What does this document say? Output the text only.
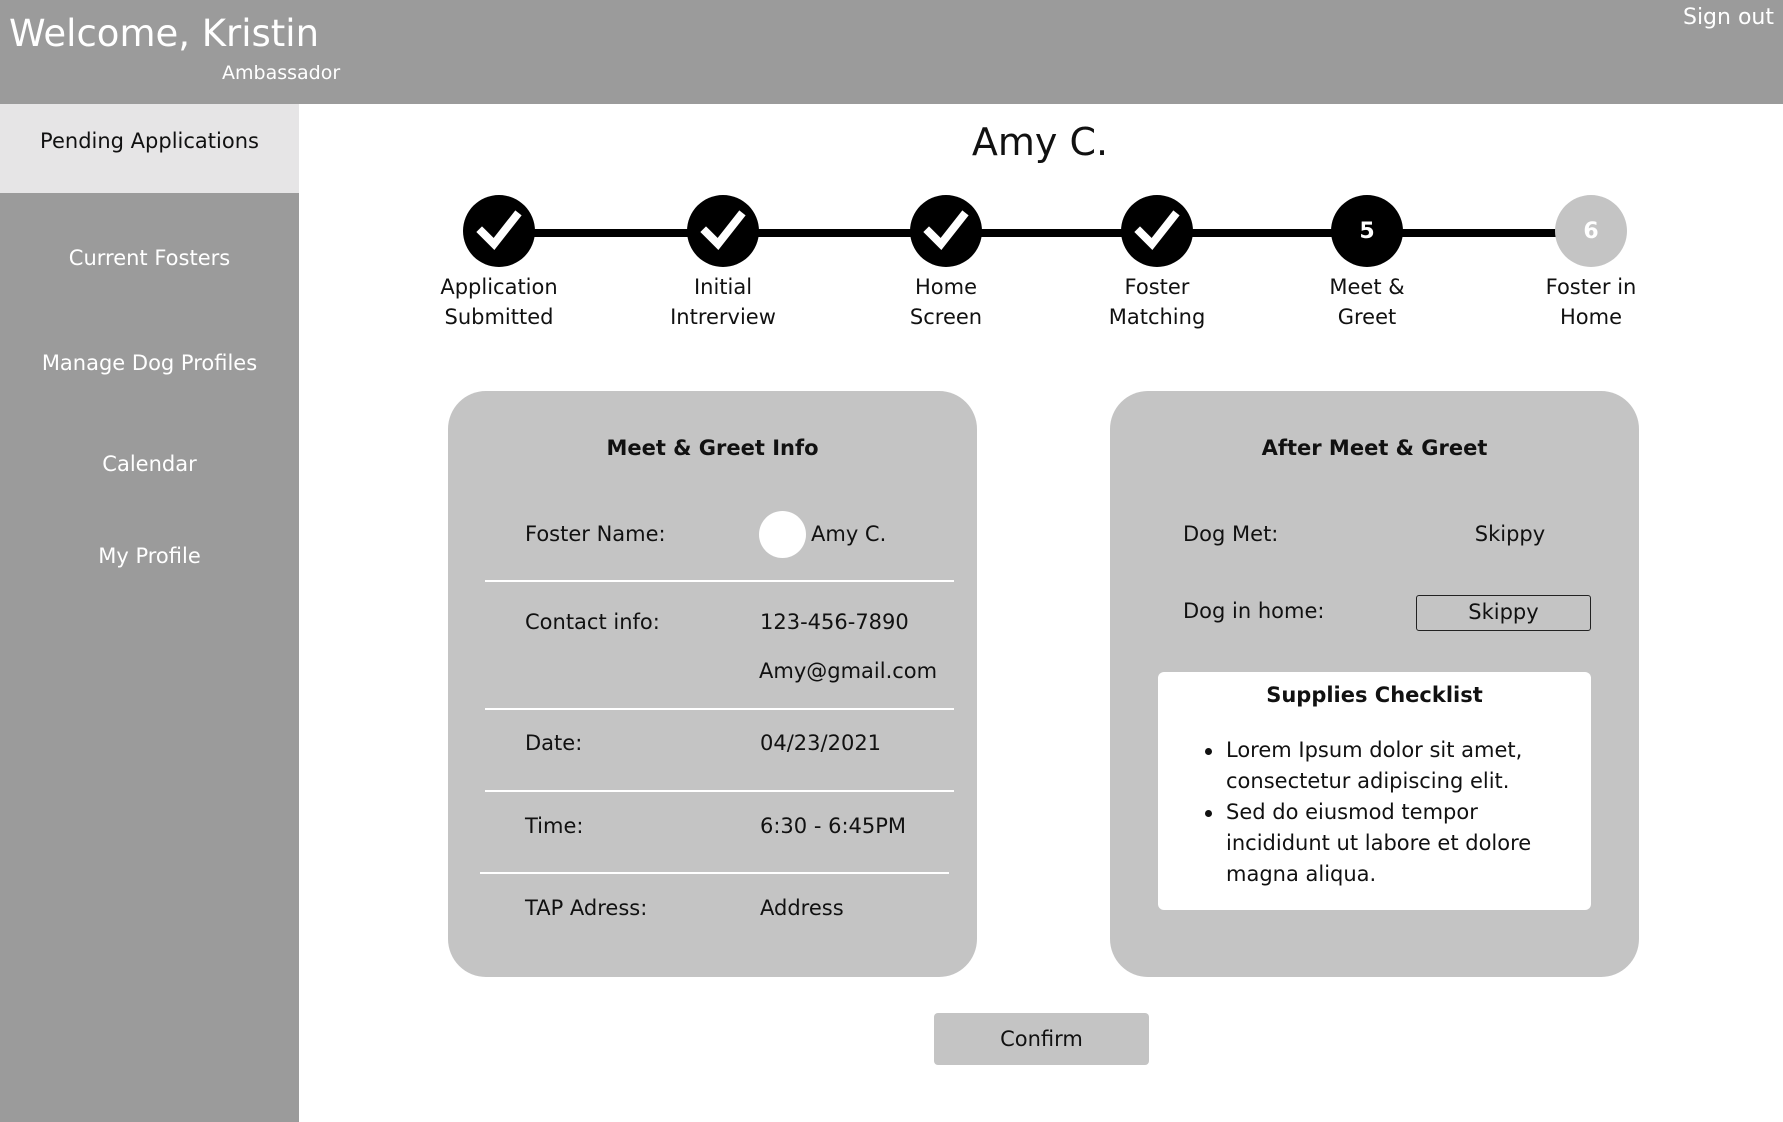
Welcome, Kristin
Ambassador
Sign out
Pending Applications
Current Fosters
Manage Dog Profiles
Calendar
My Profile
Amy C.
Application
Submitted
Initial
Intrerview
Home
Screen
Foster
Matching
5
Meet &
Greet
6
Foster in
Home
Meet & Greet Info
Foster Name:	Amy C.
Contact info:	123-456-7890
Amy@gmail.com
Date:	04/23/2021
Time:	6:30 - 6:45PM
TAP Adress:	Address
After Meet & Greet
Dog Met:	Skippy
Dog in home:	Skippy
Supplies Checklist
Lorem Ipsum dolor sit amet, consectetur adipiscing elit.
Sed do eiusmod tempor incididunt ut labore et dolore magna aliqua.
Confirm
